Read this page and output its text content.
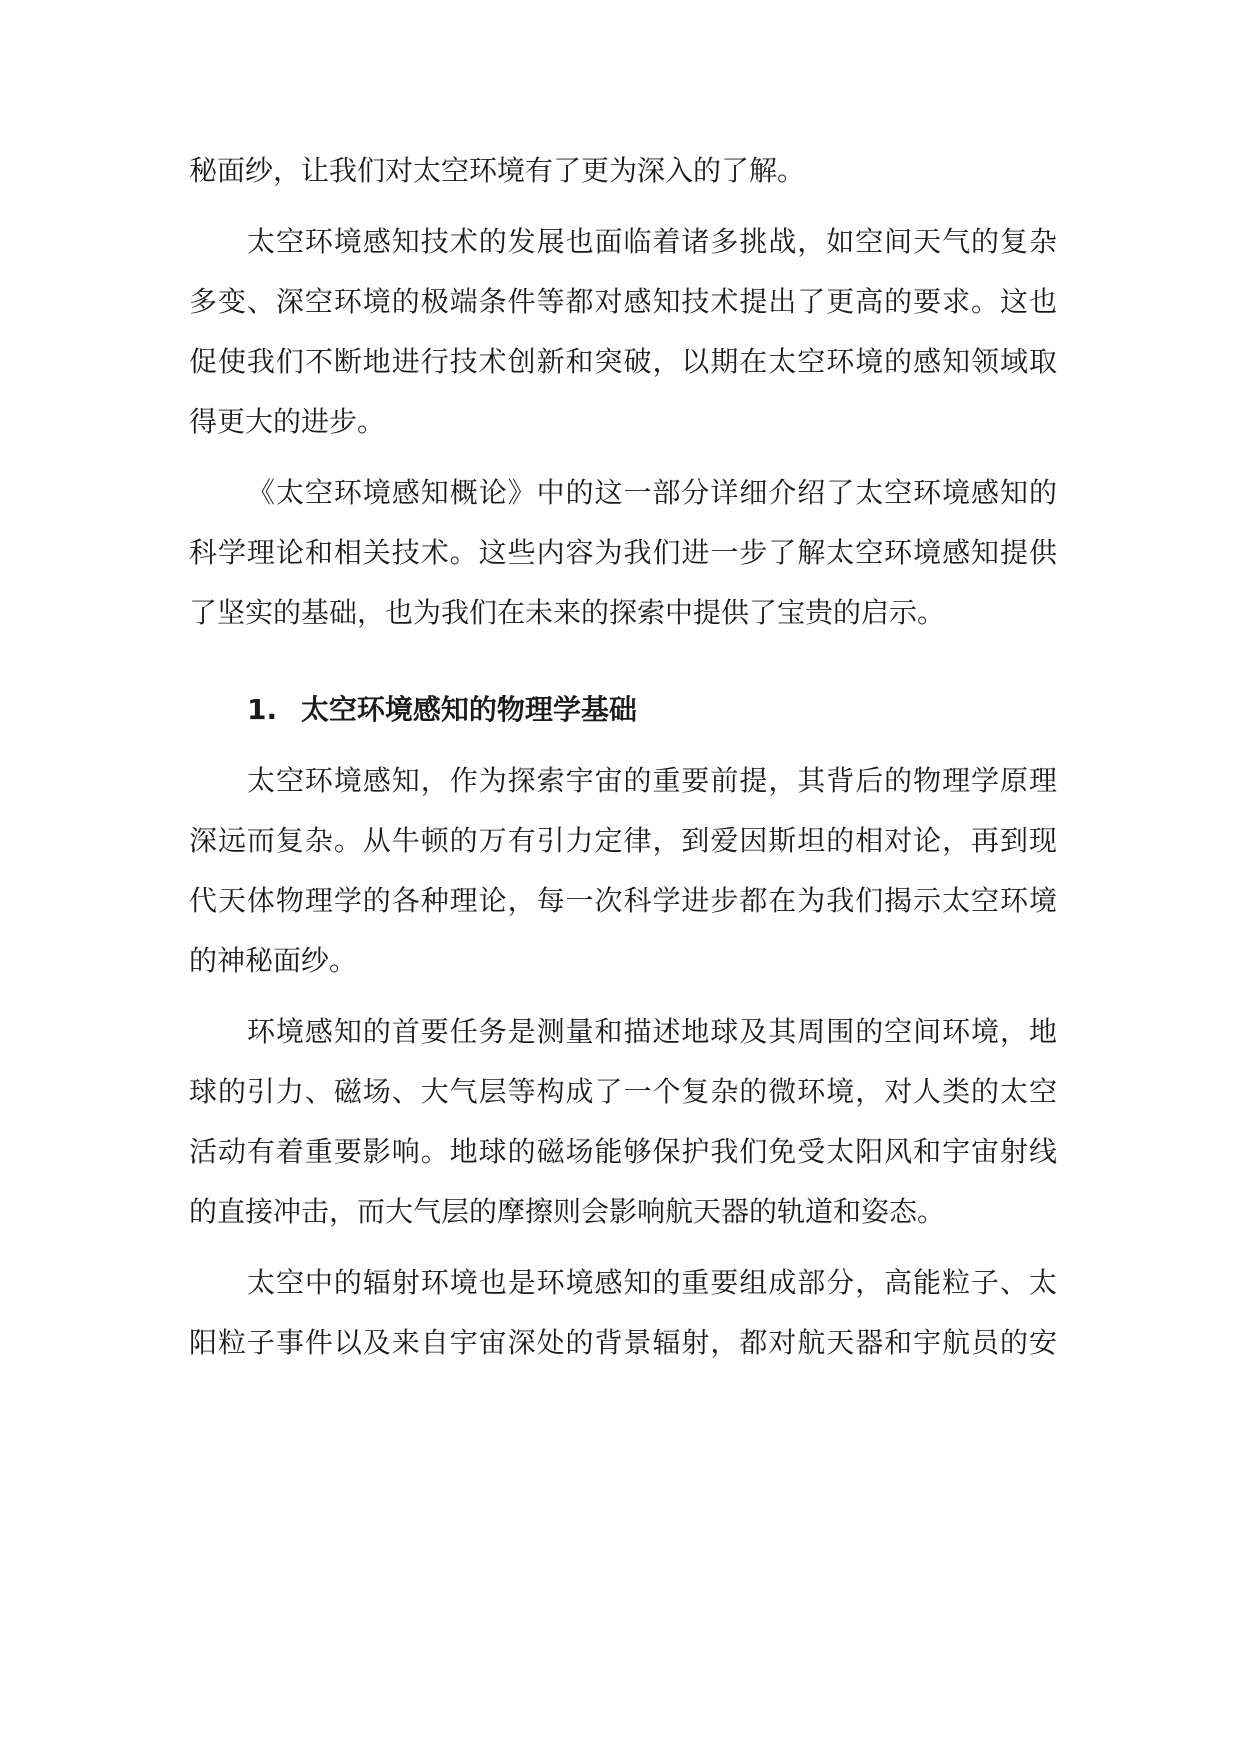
秘面纱，让我们对太空环境有了更为深入的了解。
太空环境感知技术的发展也面临着诸多挑战，如空间天气的复杂
多变、深空环境的极端条件等都对感知技术提出了更高的要求。这也
促使我们不断地进行技术创新和突破，以期在太空环境的感知领域取
得更大的进步。
《太空环境感知概论》中的这一部分详细介绍了太空环境感知的
科学理论和相关技术。这些内容为我们进一步了解太空环境感知提供
了坚实的基础，也为我们在未来的探索中提供了宝贵的启示。
1. 太空环境感知的物理学基础
太空环境感知，作为探索宇宙的重要前提，其背后的物理学原理
深远而复杂。从牛顿的万有引力定律，到爱因斯坦的相对论，再到现
代天体物理学的各种理论，每一次科学进步都在为我们揭示太空环境
的神秘面纱。
环境感知的首要任务是测量和描述地球及其周围的空间环境，地
球的引力、磁场、大气层等构成了一个复杂的微环境，对人类的太空
活动有着重要影响。地球的磁场能够保护我们免受太阳风和宇宙射线
的直接冲击，而大气层的摩擦则会影响航天器的轨道和姿态。
太空中的辐射环境也是环境感知的重要组成部分，高能粒子、太
阳粒子事件以及来自宇宙深处的背景辐射，都对航天器和宇航员的安
